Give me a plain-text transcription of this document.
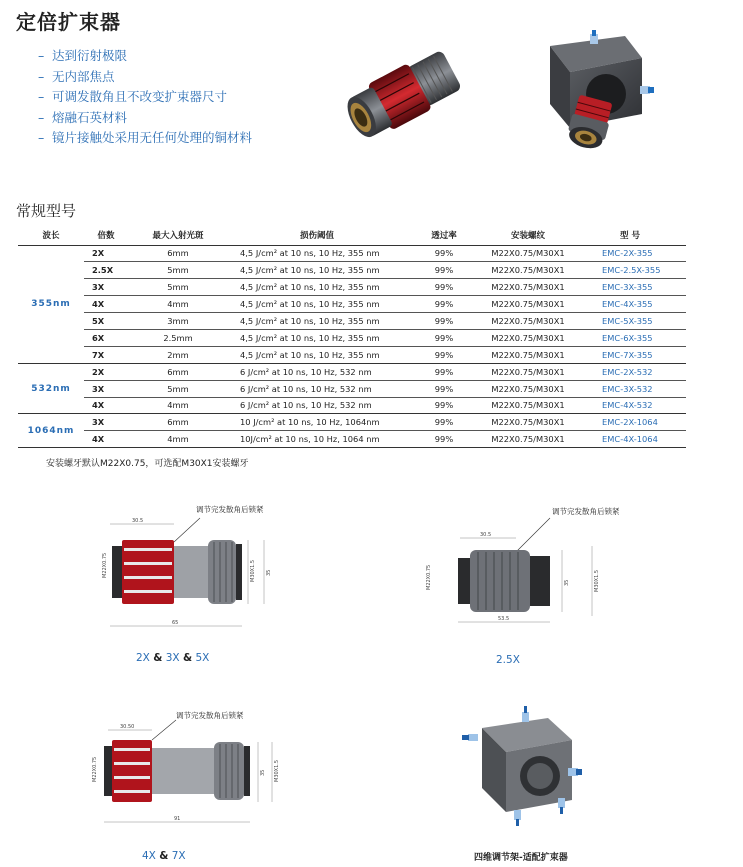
定倍扩束器
– 达到衍射极限
– 无内部焦点
– 可调发散角且不改变扩束器尺寸
– 熔融石英材料
– 镜片接触处采用无任何处理的铜材料
常规型号
波长	倍数	最大入射光斑	损伤阈值	透过率	安装螺纹	型 号
355nm	2X	6mm	4,5 J/cm² at 10 ns, 10 Hz, 355 nm	99%	M22X0.75/M30X1	EMC-2X-355
	2.5X	5mm	4,5 J/cm² at 10 ns, 10 Hz, 355 nm	99%	M22X0.75/M30X1	EMC-2.5X-355
	3X	5mm	4,5 J/cm² at 10 ns, 10 Hz, 355 nm	99%	M22X0.75/M30X1	EMC-3X-355
	4X	4mm	4,5 J/cm² at 10 ns, 10 Hz, 355 nm	99%	M22X0.75/M30X1	EMC-4X-355
	5X	3mm	4,5 J/cm² at 10 ns, 10 Hz, 355 nm	99%	M22X0.75/M30X1	EMC-5X-355
	6X	2.5mm	4,5 J/cm² at 10 ns, 10 Hz, 355 nm	99%	M22X0.75/M30X1	EMC-6X-355
	7X	2mm	4,5 J/cm² at 10 ns, 10 Hz, 355 nm	99%	M22X0.75/M30X1	EMC-7X-355
532nm	2X	6mm	6 J/cm² at 10 ns, 10 Hz, 532 nm	99%	M22X0.75/M30X1	EMC-2X-532
	3X	5mm	6 J/cm² at 10 ns, 10 Hz, 532 nm	99%	M22X0.75/M30X1	EMC-3X-532
	4X	4mm	6 J/cm² at 10 ns, 10 Hz, 532 nm	99%	M22X0.75/M30X1	EMC-4X-532
1064nm	3X	6mm	10 J/cm² at 10 ns, 10 Hz, 1064nm	99%	M22X0.75/M30X1	EMC-2X-1064
	4X	4mm	10J/cm² at 10 ns, 10 Hz, 1064 nm	99%	M22X0.75/M30X1	EMC-4X-1064
安装螺牙默认M22X0.75，可选配M30X1安装螺牙
调节完发散角后锁紧
30.5
M22X0.75	M30X1.5 35
65
2X & 3X & 5X
调节完发散角后锁紧
30.5
M22X0.75	35	M30X1.5
53.5
2.5X
调节完发散角后锁紧
30.50
M22X0.75	35 M30X1.5
91
4X & 7X	四维调节架-适配扩束器
